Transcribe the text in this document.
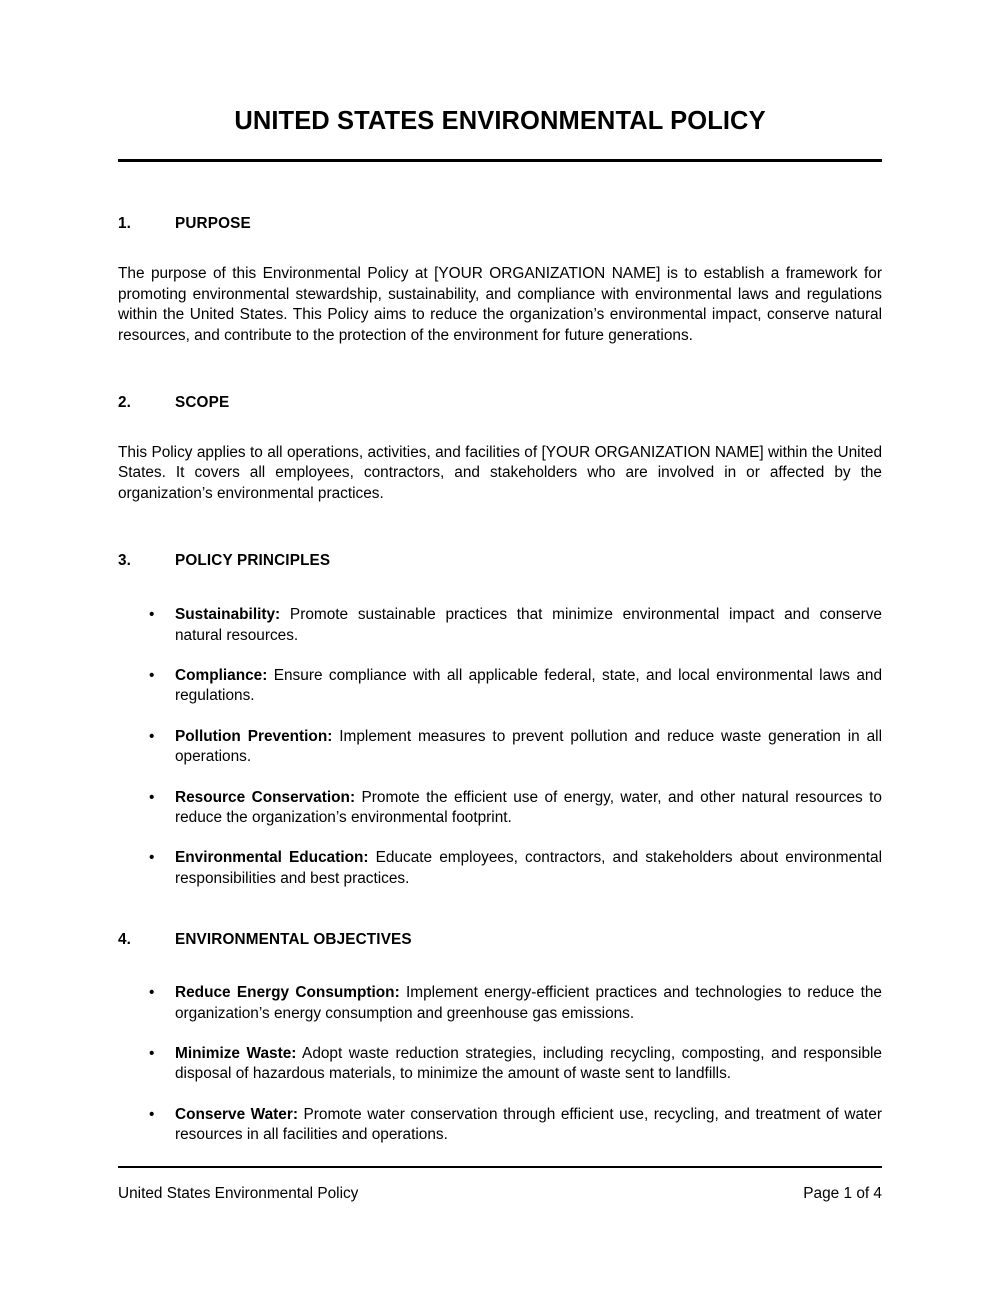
UNITED STATES ENVIRONMENTAL POLICY
1.	PURPOSE

The purpose of this Environmental Policy at [YOUR ORGANIZATION NAME] is to establish a framework for promoting environmental stewardship, sustainability, and compliance with environmental laws and regulations within the United States. This Policy aims to reduce the organization’s environmental impact, conserve natural resources, and contribute to the protection of the environment for future generations.

2.	SCOPE

This Policy applies to all operations, activities, and facilities of [YOUR ORGANIZATION NAME] within the United States. It covers all employees, contractors, and stakeholders who are involved in or affected by the organization’s environmental practices.

3.	POLICY PRINCIPLES
• Sustainability: Promote sustainable practices that minimize environmental impact and conserve natural resources.
• Compliance: Ensure compliance with all applicable federal, state, and local environmental laws and regulations.
• Pollution Prevention: Implement measures to prevent pollution and reduce waste generation in all operations.
• Resource Conservation: Promote the efficient use of energy, water, and other natural resources to reduce the organization’s environmental footprint.
• Environmental Education: Educate employees, contractors, and stakeholders about environmental responsibilities and best practices.
4.	ENVIRONMENTAL OBJECTIVES
• Reduce Energy Consumption: Implement energy-efficient practices and technologies to reduce the organization’s energy consumption and greenhouse gas emissions.
• Minimize Waste: Adopt waste reduction strategies, including recycling, composting, and responsible disposal of hazardous materials, to minimize the amount of waste sent to landfills.
• Conserve Water: Promote water conservation through efficient use, recycling, and treatment of water resources in all facilities and operations.
United States Environmental Policy	Page 1 of 4
